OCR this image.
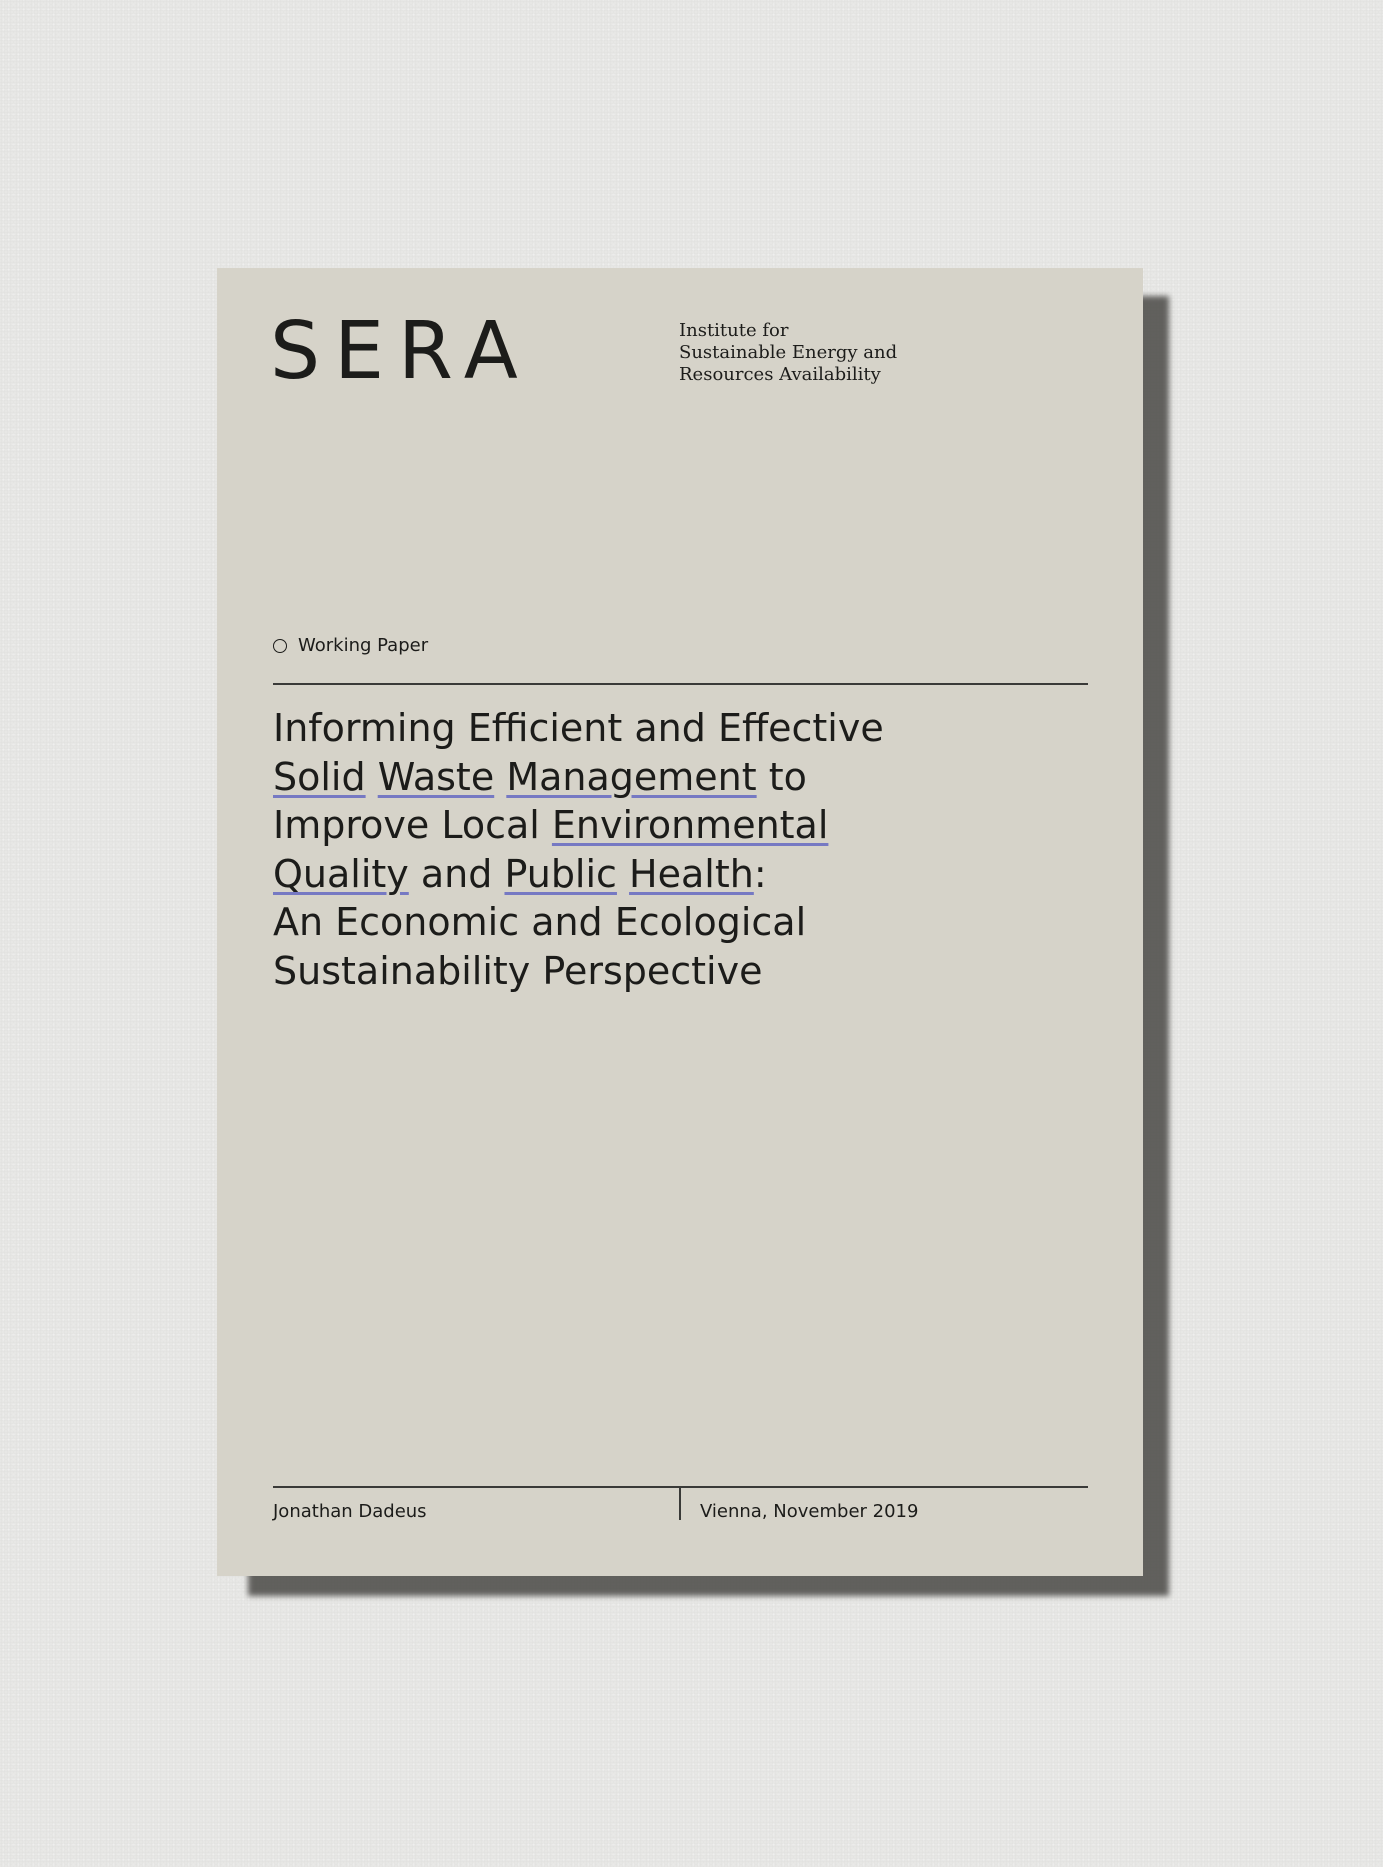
SERA	Institute for
Sustainable Energy and
Resources Availability
Working Paper
Informing Efficient and Effective
Solid Waste Management to
Improve Local Environmental
Quality and Public Health:
An Economic and Ecological
Sustainability Perspective
Jonathan Dadeus	Vienna, November 2019
